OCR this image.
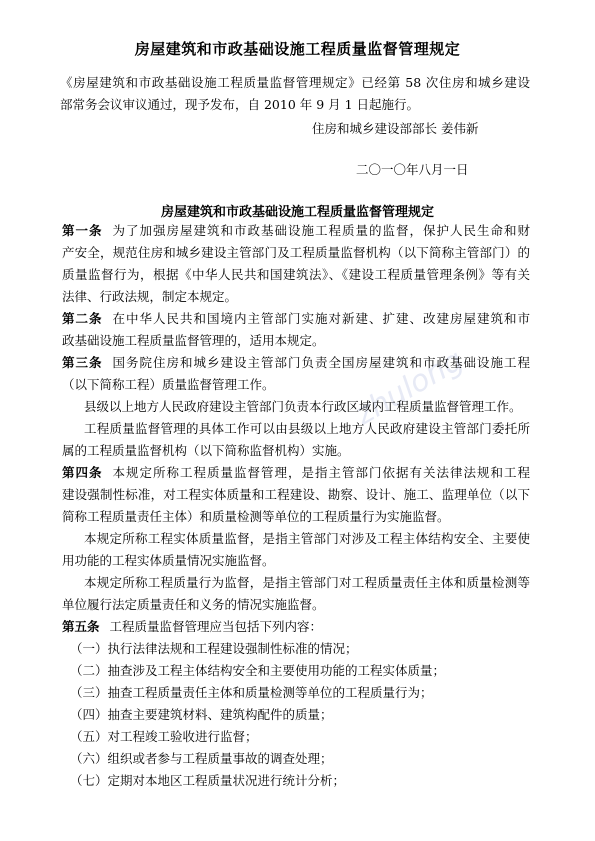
房屋建筑和市政基础设施工程质量监督管理规定
《房屋建筑和市政基础设施工程质量监督管理规定》已经第 58 次住房和城乡建设
部常务会议审议通过，现予发布，自 2010 年 9 月 1 日起施行。
住房和城乡建设部部长 姜伟新
二〇一〇年八月一日
房屋建筑和市政基础设施工程质量监督管理规定
zhulong
第一条 为了加强房屋建筑和市政基础设施工程质量的监督，保护人民生命和财
产安全，规范住房和城乡建设主管部门及工程质量监督机构（以下简称主管部门）的
质量监督行为，根据《中华人民共和国建筑法》、《建设工程质量管理条例》等有关
法律、行政法规，制定本规定。
第二条 在中华人民共和国境内主管部门实施对新建、扩建、改建房屋建筑和市
政基础设施工程质量监督管理的，适用本规定。
第三条 国务院住房和城乡建设主管部门负责全国房屋建筑和市政基础设施工程
（以下简称工程）质量监督管理工作。
县级以上地方人民政府建设主管部门负责本行政区域内工程质量监督管理工作。
工程质量监督管理的具体工作可以由县级以上地方人民政府建设主管部门委托所
属的工程质量监督机构（以下简称监督机构）实施。
第四条 本规定所称工程质量监督管理，是指主管部门依据有关法律法规和工程
建设强制性标准，对工程实体质量和工程建设、勘察、设计、施工、监理单位（以下
简称工程质量责任主体）和质量检测等单位的工程质量行为实施监督。
本规定所称工程实体质量监督，是指主管部门对涉及工程主体结构安全、主要使
用功能的工程实体质量情况实施监督。
本规定所称工程质量行为监督，是指主管部门对工程质量责任主体和质量检测等
单位履行法定质量责任和义务的情况实施监督。
第五条 工程质量监督管理应当包括下列内容：
（一）执行法律法规和工程建设强制性标准的情况；
（二）抽查涉及工程主体结构安全和主要使用功能的工程实体质量；
（三）抽查工程质量责任主体和质量检测等单位的工程质量行为；
（四）抽查主要建筑材料、建筑构配件的质量；
（五）对工程竣工验收进行监督；
（六）组织或者参与工程质量事故的调查处理；
（七）定期对本地区工程质量状况进行统计分析；
